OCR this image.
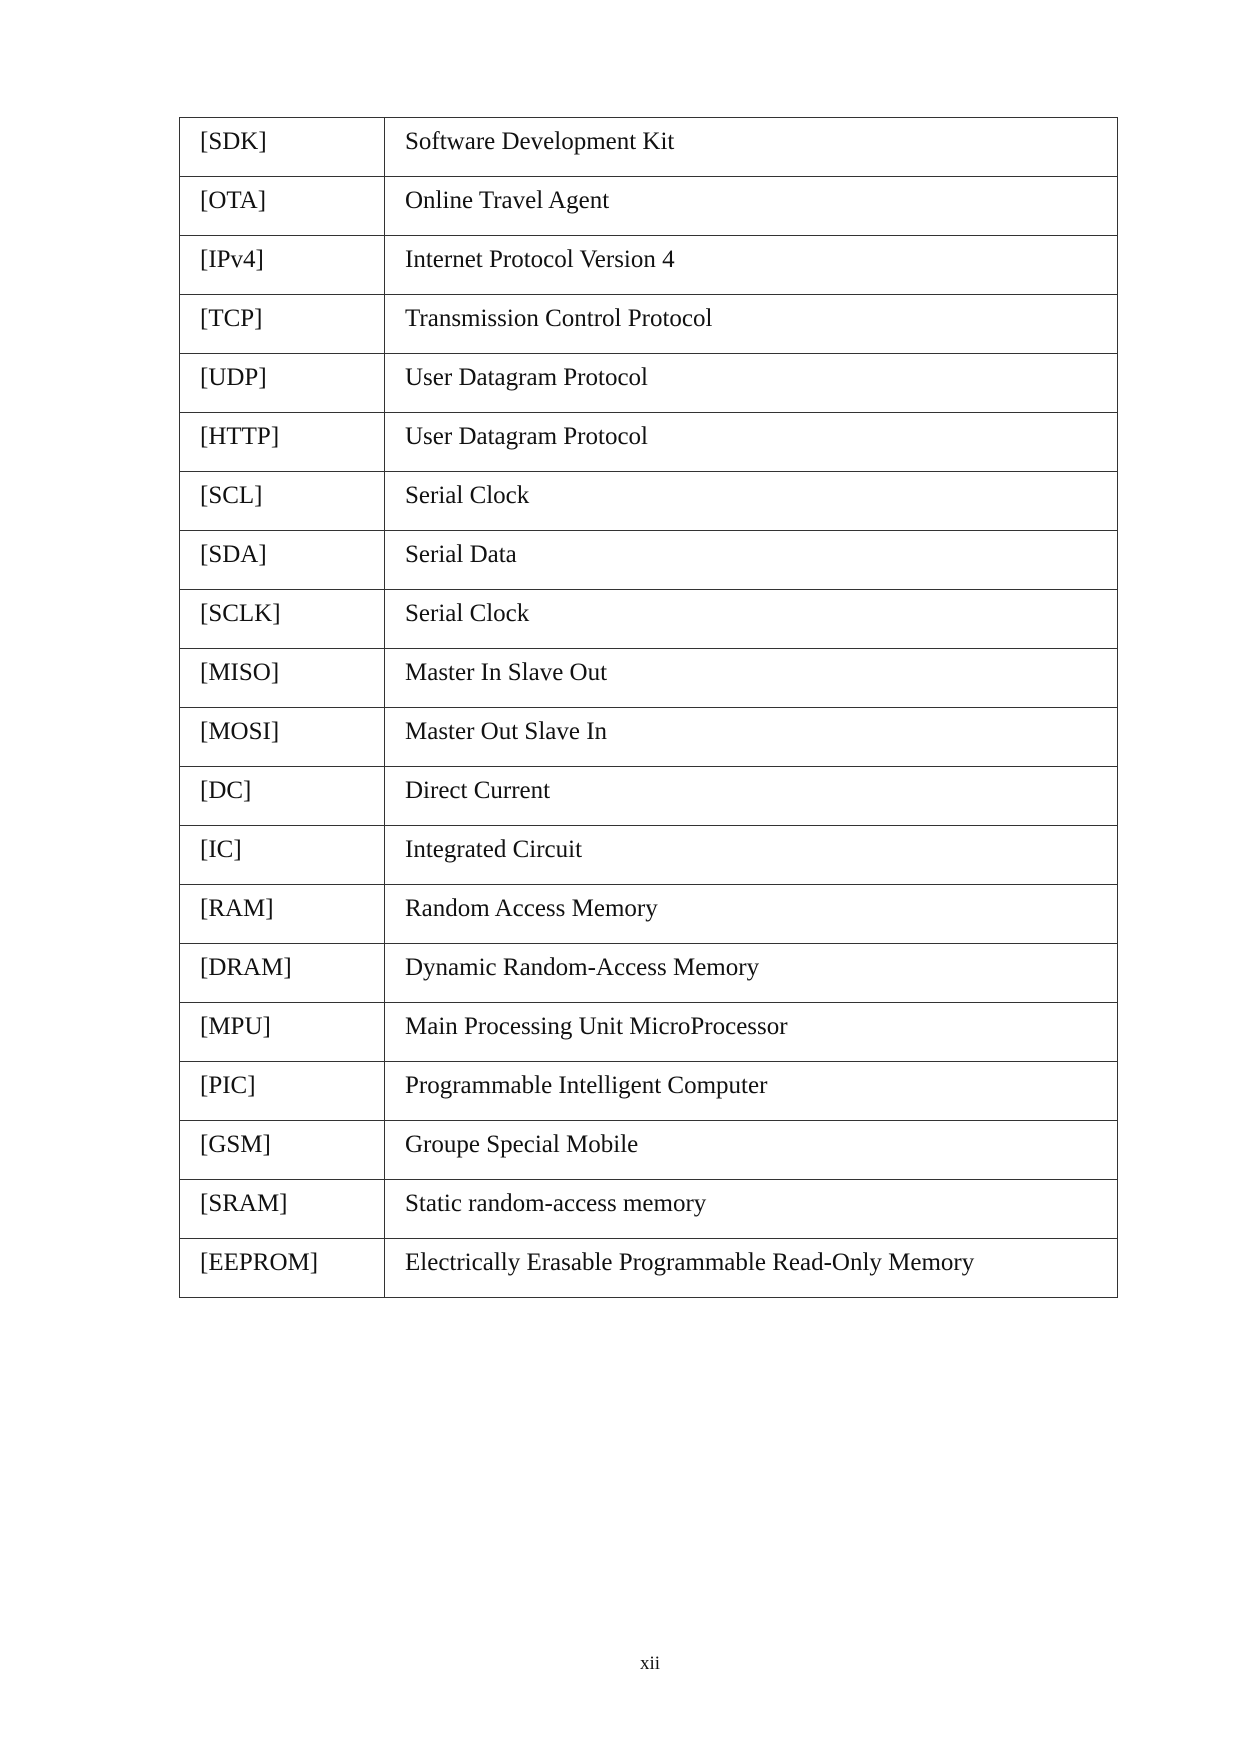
[SDK]	Software Development Kit

[OTA]	Online Travel Agent

[IPv4]	Internet Protocol Version 4

[TCP]	Transmission Control Protocol

[UDP]	User Datagram Protocol

[HTTP]	User Datagram Protocol

[SCL]	Serial Clock

[SDA]	Serial Data

[SCLK]	Serial Clock

[MISO]	Master In Slave Out

[MOSI]	Master Out Slave In

[DC]	Direct Current

[IC]	Integrated Circuit

[RAM]	Random Access Memory

[DRAM]	Dynamic Random-Access Memory

[MPU]	Main Processing Unit MicroProcessor

[PIC]	Programmable Intelligent Computer

[GSM]	Groupe Special Mobile

[SRAM]	Static random-access memory

[EEPROM]	Electrically Erasable Programmable Read-Only Memory
xii
